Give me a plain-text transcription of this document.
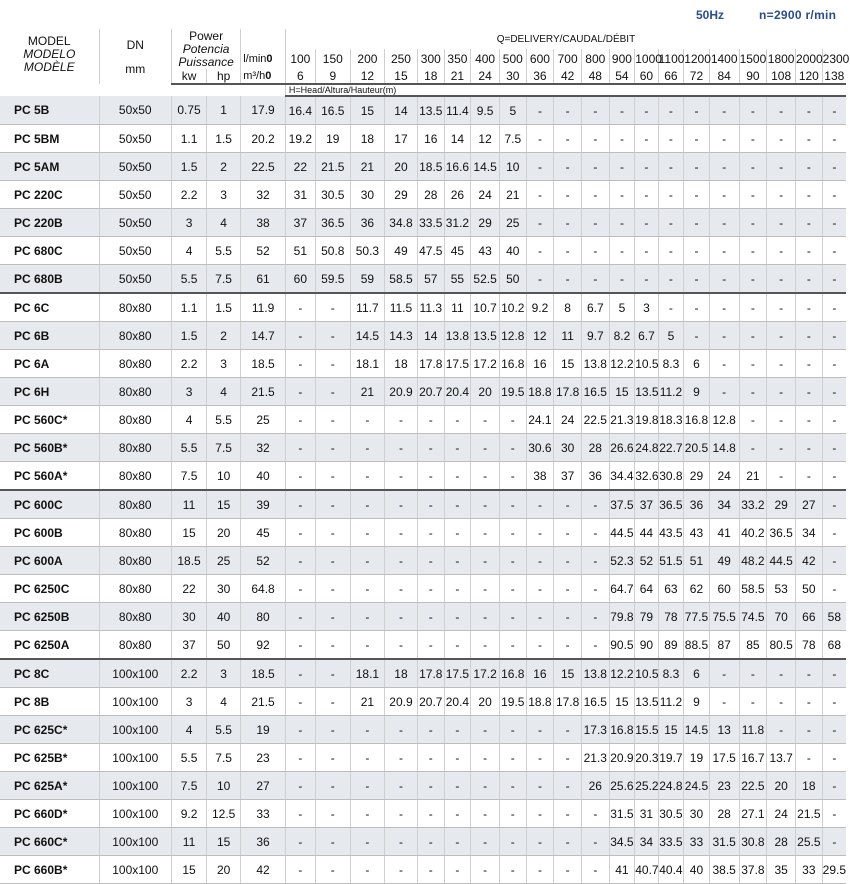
50Hz	n=2900 r/min
MODEL
MODELO
MODÈLE	DN
mm	Power
Potencia
Puissance			Q=DELIVERY/CAUDAL/DÉBIT																			
				l/min0	100	150	200	250	300	350	400	500	600	700	800	900	1000	1100	1200	1400	1500	1800	2000	2300
		kw	hp	m³/h0	6	9	12	15	18	21	24	30	36	42	48	54	60	66	72	84	90	108	120	138
					H=Head/Altura/Hauteur(m)																			
PC 5B	50x50	0.75	1	17.9	16.4	16.5	15	14	13.5	11.4	9.5	5	-	-	-	-	-	-	-	-	-	-	-	-
PC 5BM	50x50	1.1	1.5	20.2	19.2	19	18	17	16	14	12	7.5	-	-	-	-	-	-	-	-	-	-	-	-
PC 5AM	50x50	1.5	2	22.5	22	21.5	21	20	18.5	16.6	14.5	10	-	-	-	-	-	-	-	-	-	-	-	-
PC 220C	50x50	2.2	3	32	31	30.5	30	29	28	26	24	21	-	-	-	-	-	-	-	-	-	-	-	-
PC 220B	50x50	3	4	38	37	36.5	36	34.8	33.5	31.2	29	25	-	-	-	-	-	-	-	-	-	-	-	-
PC 680C	50x50	4	5.5	52	51	50.8	50.3	49	47.5	45	43	40	-	-	-	-	-	-	-	-	-	-	-	-
PC 680B	50x50	5.5	7.5	61	60	59.5	59	58.5	57	55	52.5	50	-	-	-	-	-	-	-	-	-	-	-	-
PC 6C	80x80	1.1	1.5	11.9	-	-	11.7	11.5	11.3	11	10.7	10.2	9.2	8	6.7	5	3	-	-	-	-	-	-	-
PC 6B	80x80	1.5	2	14.7	-	-	14.5	14.3	14	13.8	13.5	12.8	12	11	9.7	8.2	6.7	5	-	-	-	-	-	-
PC 6A	80x80	2.2	3	18.5	-	-	18.1	18	17.8	17.5	17.2	16.8	16	15	13.8	12.2	10.5	8.3	6	-	-	-	-	-
PC 6H	80x80	3	4	21.5	-	-	21	20.9	20.7	20.4	20	19.5	18.8	17.8	16.5	15	13.5	11.2	9	-	-	-	-	-
PC 560C*	80x80	4	5.5	25	-	-	-	-	-	-	-	-	24.1	24	22.5	21.3	19.8	18.3	16.8	12.8	-	-	-	-
PC 560B*	80x80	5.5	7.5	32	-	-	-	-	-	-	-	-	30.6	30	28	26.6	24.8	22.7	20.5	14.8	-	-	-	-
PC 560A*	80x80	7.5	10	40	-	-	-	-	-	-	-	-	38	37	36	34.4	32.6	30.8	29	24	21	-	-	-
PC 600C	80x80	11	15	39	-	-	-	-	-	-	-	-	-	-	-	37.5	37	36.5	36	34	33.2	29	27	-
PC 600B	80x80	15	20	45	-	-	-	-	-	-	-	-	-	-	-	44.5	44	43.5	43	41	40.2	36.5	34	-
PC 600A	80x80	18.5	25	52	-	-	-	-	-	-	-	-	-	-	-	52.3	52	51.5	51	49	48.2	44.5	42	-
PC 6250C	80x80	22	30	64.8	-	-	-	-	-	-	-	-	-	-	-	64.7	64	63	62	60	58.5	53	50	-
PC 6250B	80x80	30	40	80	-	-	-	-	-	-	-	-	-	-	-	79.8	79	78	77.5	75.5	74.5	70	66	58
PC 6250A	80x80	37	50	92	-	-	-	-	-	-	-	-	-	-	-	90.5	90	89	88.5	87	85	80.5	78	68
PC 8C	100x100	2.2	3	18.5	-	-	18.1	18	17.8	17.5	17.2	16.8	16	15	13.8	12.2	10.5	8.3	6	-	-	-	-	-
PC 8B	100x100	3	4	21.5	-	-	21	20.9	20.7	20.4	20	19.5	18.8	17.8	16.5	15	13.5	11.2	9	-	-	-	-	-
PC 625C*	100x100	4	5.5	19	-	-	-	-	-	-	-	-	-	-	17.3	16.8	15.5	15	14.5	13	11.8	-	-	-
PC 625B*	100x100	5.5	7.5	23	-	-	-	-	-	-	-	-	-	-	21.3	20.9	20.3	19.7	19	17.5	16.7	13.7	-	-
PC 625A*	100x100	7.5	10	27	-	-	-	-	-	-	-	-	-	-	26	25.6	25.2	24.8	24.5	23	22.5	20	18	-
PC 660D*	100x100	9.2	12.5	33	-	-	-	-	-	-	-	-	-	-	-	31.5	31	30.5	30	28	27.1	24	21.5	-
PC 660C*	100x100	11	15	36	-	-	-	-	-	-	-	-	-	-	-	34.5	34	33.5	33	31.5	30.8	28	25.5	-
PC 660B*	100x100	15	20	42	-	-	-	-	-	-	-	-	-	-	-	41	40.7	40.4	40	38.5	37.8	35	33	29.5
